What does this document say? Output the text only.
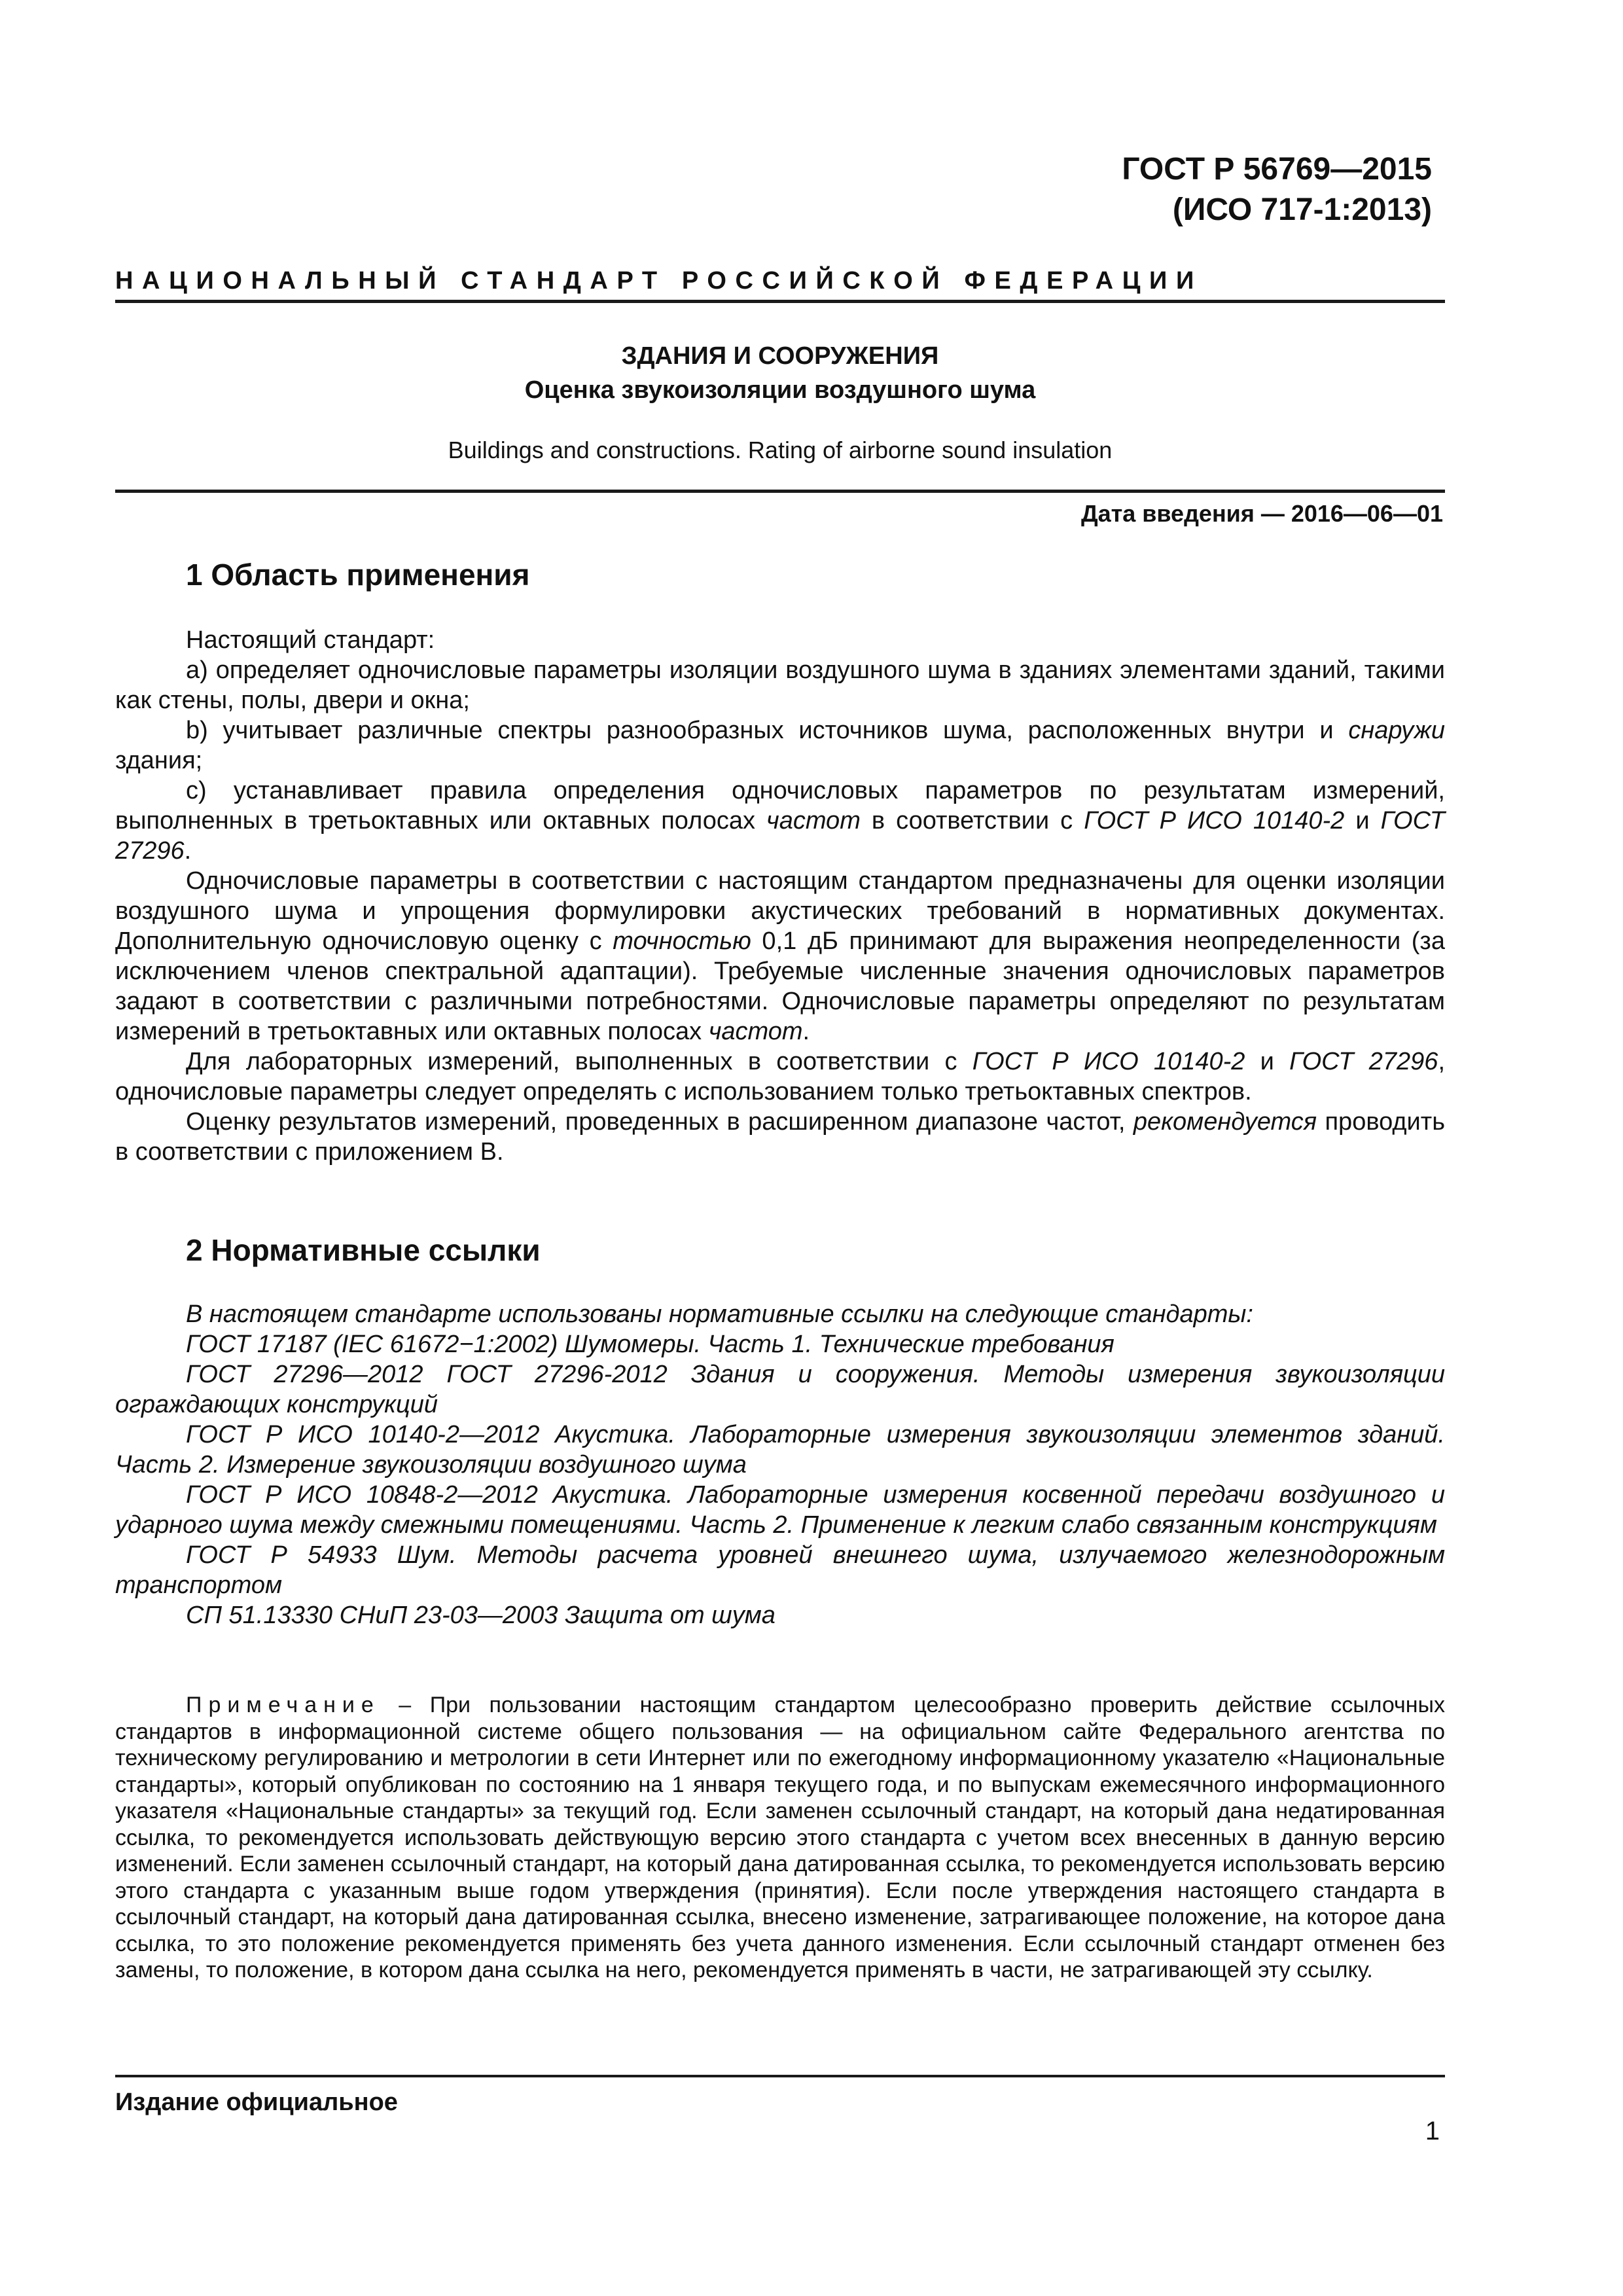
ГОСТ Р 56769—2015
(ИСО 717-1:2013)
НАЦИОНАЛЬНЫЙ СТАНДАРТ РОССИЙСКОЙ ФЕДЕРАЦИИ
ЗДАНИЯ И СООРУЖЕНИЯ
Оценка звукоизоляции воздушного шума
Buildings and constructions. Rating of airborne sound insulation
Дата введения — 2016—06—01
1 Область применения

Настоящий стандарт:

а) определяет одночисловые параметры изоляции воздушного шума в зданиях элементами зданий, такими как стены, полы, двери и окна;

b) учитывает различные спектры разнообразных источников шума, расположенных внутри и снаружи здания;

с) устанавливает правила определения одночисловых параметров по результатам измерений, выполненных в третьоктавных или октавных полосах частот в соответствии с ГОСТ Р ИСО 10140-2 и ГОСТ 27296.

Одночисловые параметры в соответствии с настоящим стандартом предназначены для оценки изоляции воздушного шума и упрощения формулировки акустических требований в нормативных документах. Дополнительную одночисловую оценку с точностью 0,1 дБ принимают для выражения неопределенности (за исключением членов спектральной адаптации). Требуемые численные значения одночисловых параметров задают в соответствии с различными потребностями. Одночисловые параметры определяют по результатам измерений в третьоктавных или октавных полосах частот.

Для лабораторных измерений, выполненных в соответствии с ГОСТ Р ИСО 10140-2 и ГОСТ 27296, одночисловые параметры следует определять с использованием только третьоктавных спектров.

Оценку результатов измерений, проведенных в расширенном диапазоне частот, рекомендуется проводить в соответствии с приложением В.

2 Нормативные ссылки

В настоящем стандарте использованы нормативные ссылки на следующие стандарты:

ГОСТ 17187 (IEC 61672−1:2002) Шумомеры. Часть 1. Технические требования

ГОСТ 27296—2012 ГОСТ 27296-2012 Здания и сооружения. Методы измерения звукоизоляции ограждающих конструкций

ГОСТ Р ИСО 10140-2—2012 Акустика. Лабораторные измерения звукоизоляции элементов зданий. Часть 2. Измерение звукоизоляции воздушного шума

ГОСТ Р ИСО 10848-2—2012 Акустика. Лабораторные измерения косвенной передачи воздушного и ударного шума между смежными помещениями. Часть 2. Применение к легким слабо связанным конструкциям

ГОСТ Р 54933 Шум. Методы расчета уровней внешнего шума, излучаемого железнодорожным транспортом

СП 51.13330 СНиП 23-03—2003 Защита от шума

Примечание – При пользовании настоящим стандартом целесообразно проверить действие ссылочных стандартов в информационной системе общего пользования — на официальном сайте Федерального агентства по техническому регулированию и метрологии в сети Интернет или по ежегодному информационному указателю «Национальные стандарты», который опубликован по состоянию на 1 января текущего года, и по выпускам ежемесячного информационного указателя «Национальные стандарты» за текущий год. Если заменен ссылочный стандарт, на который дана недатированная ссылка, то рекомендуется использовать действующую версию этого стандарта с учетом всех внесенных в данную версию изменений. Если заменен ссылочный стандарт, на который дана датированная ссылка, то рекомендуется использовать версию этого стандарта с указанным выше годом утверждения (принятия). Если после утверждения настоящего стандарта в ссылочный стандарт, на который дана датированная ссылка, внесено изменение, затрагивающее положение, на которое дана ссылка, то это положение рекомендуется применять без учета данного изменения. Если ссылочный стандарт отменен без замены, то положение, в котором дана ссылка на него, рекомендуется применять в части, не затрагивающей эту ссылку.

Издание официальное
1
